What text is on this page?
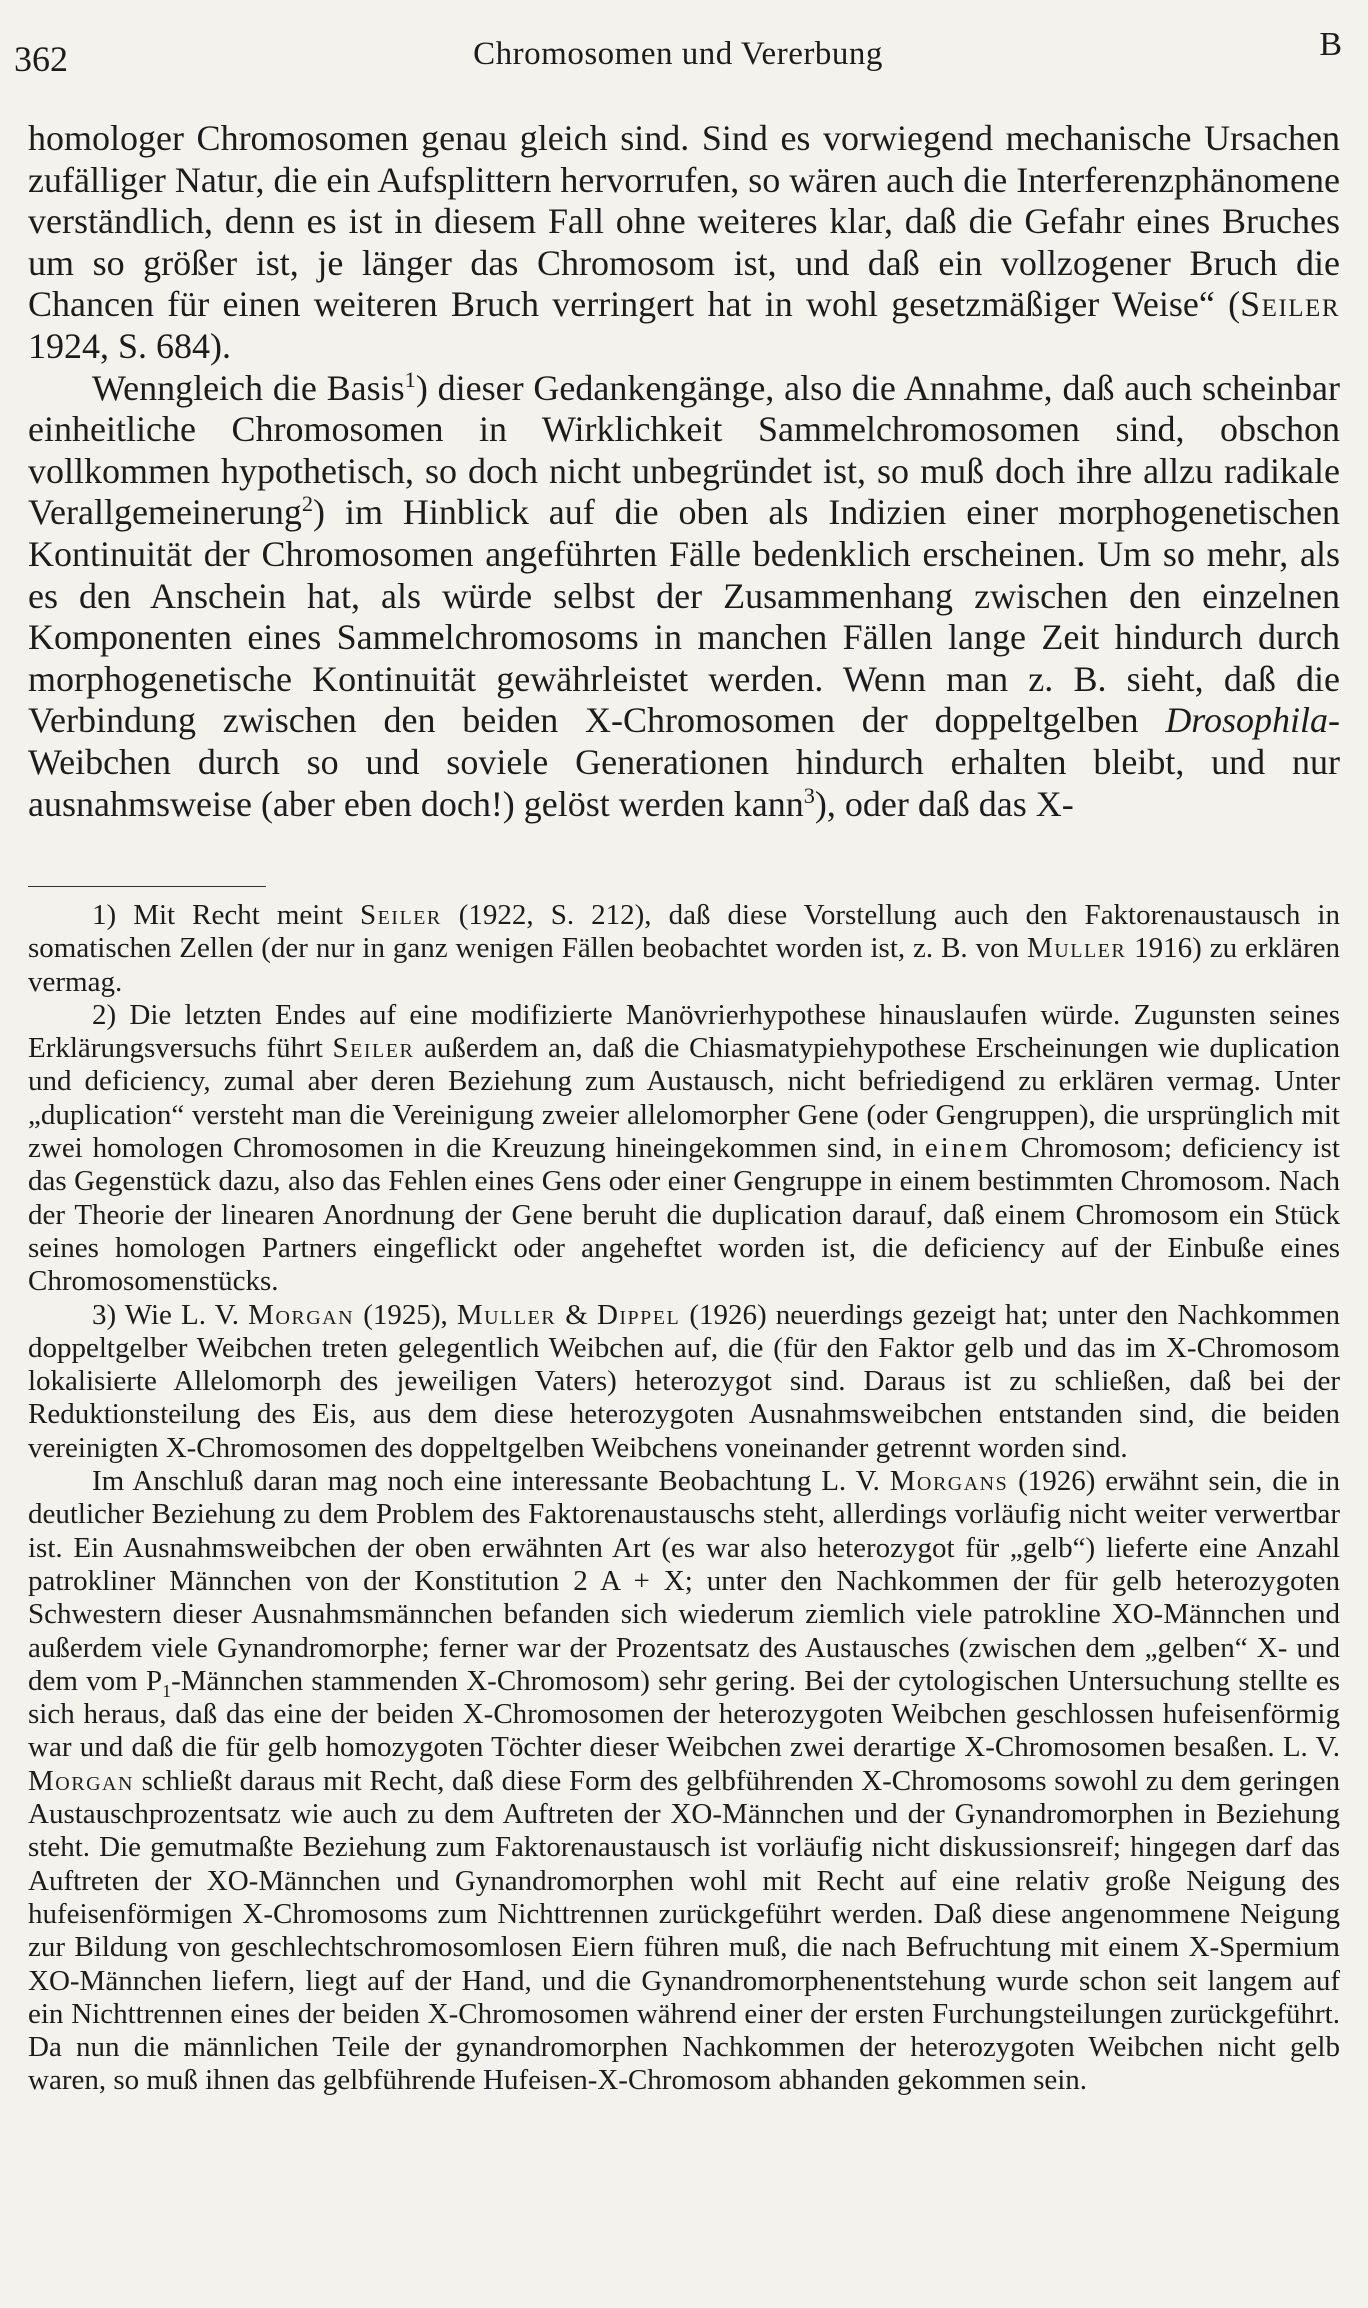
362	Chromosomen und Vererbung	B

homologer Chromosomen genau gleich sind. Sind es vorwiegend mechanische Ursachen zufälliger Natur, die ein Aufsplittern hervorrufen, so wären auch die Interferenzphänomene verständlich, denn es ist in diesem Fall ohne weiteres klar, daß die Gefahr eines Bruches um so größer ist, je länger das Chromosom ist, und daß ein vollzogener Bruch die Chancen für einen weiteren Bruch verringert hat in wohl gesetzmäßiger Weise“ (Seiler 1924, S. 684).

Wenngleich die Basis$^1$) dieser Gedankengänge, also die Annahme, daß auch scheinbar einheitliche Chromosomen in Wirklichkeit Sammelchromosomen sind, obschon vollkommen hypothetisch, so doch nicht unbegründet ist, so muß doch ihre allzu radikale Verallgemeinerung$^2$) im Hinblick auf die oben als Indizien einer morphogenetischen Kontinuität der Chromosomen angeführten Fälle bedenklich erscheinen. Um so mehr, als es den Anschein hat, als würde selbst der Zusammenhang zwischen den einzelnen Komponenten eines Sammelchromosoms in manchen Fällen lange Zeit hindurch durch morphogenetische Kontinuität gewährleistet werden. Wenn man z. B. sieht, daß die Verbindung zwischen den beiden X-Chromosomen der doppeltgelben Drosophila-Weibchen durch so und soviele Generationen hindurch erhalten bleibt, und nur ausnahmsweise (aber eben doch!) gelöst werden kann$^3$), oder daß das X-

1) Mit Recht meint Seiler (1922, S. 212), daß diese Vorstellung auch den Faktorenaustausch in somatischen Zellen (der nur in ganz wenigen Fällen beobachtet worden ist, z. B. von Muller 1916) zu erklären vermag.

2) Die letzten Endes auf eine modifizierte Manövrierhypothese hinauslaufen würde. Zugunsten seines Erklärungsversuchs führt Seiler außerdem an, daß die Chiasmatypiehypothese Erscheinungen wie duplication und deficiency, zumal aber deren Beziehung zum Austausch, nicht befriedigend zu erklären vermag. Unter „duplication“ versteht man die Vereinigung zweier allelomorpher Gene (oder Gengruppen), die ursprünglich mit zwei homologen Chromosomen in die Kreuzung hineingekommen sind, in einem Chromosom; deficiency ist das Gegenstück dazu, also das Fehlen eines Gens oder einer Gengruppe in einem bestimmten Chromosom. Nach der Theorie der linearen Anordnung der Gene beruht die duplication darauf, daß einem Chromosom ein Stück seines homologen Partners eingeflickt oder angeheftet worden ist, die deficiency auf der Einbuße eines Chromosomenstücks.

3) Wie L. V. Morgan (1925), Muller & Dippel (1926) neuerdings gezeigt hat; unter den Nachkommen doppeltgelber Weibchen treten gelegentlich Weibchen auf, die (für den Faktor gelb und das im X-Chromosom lokalisierte Allelomorph des jeweiligen Vaters) heterozygot sind. Daraus ist zu schließen, daß bei der Reduktionsteilung des Eis, aus dem diese heterozygoten Ausnahmsweibchen entstanden sind, die beiden vereinigten X-Chromosomen des doppeltgelben Weibchens voneinander getrennt worden sind.

Im Anschluß daran mag noch eine interessante Beobachtung L. V. Morgans (1926) erwähnt sein, die in deutlicher Beziehung zu dem Problem des Faktorenaustauschs steht, allerdings vorläufig nicht weiter verwertbar ist. Ein Ausnahmsweibchen der oben erwähnten Art (es war also heterozygot für „gelb“) lieferte eine Anzahl patrokliner Männchen von der Konstitution 2 A + X; unter den Nachkommen der für gelb heterozygoten Schwestern dieser Ausnahmsmännchen befanden sich wiederum ziemlich viele patrokline XO-Männchen und außerdem viele Gynandromorphe; ferner war der Prozentsatz des Austausches (zwischen dem „gelben“ X- und dem vom $P_1$-Männchen stammenden X-Chromosom) sehr gering. Bei der cytologischen Untersuchung stellte es sich heraus, daß das eine der beiden X-Chromosomen der heterozygoten Weibchen geschlossen hufeisenförmig war und daß die für gelb homozygoten Töchter dieser Weibchen zwei derartige X-Chromosomen besaßen. L. V. Morgan schließt daraus mit Recht, daß diese Form des gelbführenden X-Chromosoms sowohl zu dem geringen Austauschprozentsatz wie auch zu dem Auftreten der XO-Männchen und der Gynandromorphen in Beziehung steht. Die gemutmaßte Beziehung zum Faktorenaustausch ist vorläufig nicht diskussionsreif; hingegen darf das Auftreten der XO-Männchen und Gynandromorphen wohl mit Recht auf eine relativ große Neigung des hufeisenförmigen X-Chromosoms zum Nichttrennen zurückgeführt werden. Daß diese angenommene Neigung zur Bildung von geschlechtschromosomlosen Eiern führen muß, die nach Befruchtung mit einem X-Spermium XO-Männchen liefern, liegt auf der Hand, und die Gynandromorphenentstehung wurde schon seit langem auf ein Nichttrennen eines der beiden X-Chromosomen während einer der ersten Furchungsteilungen zurückgeführt. Da nun die männlichen Teile der gynandromorphen Nachkommen der heterozygoten Weibchen nicht gelb waren, so muß ihnen das gelbführende Hufeisen-X-Chromosom abhanden gekommen sein.
